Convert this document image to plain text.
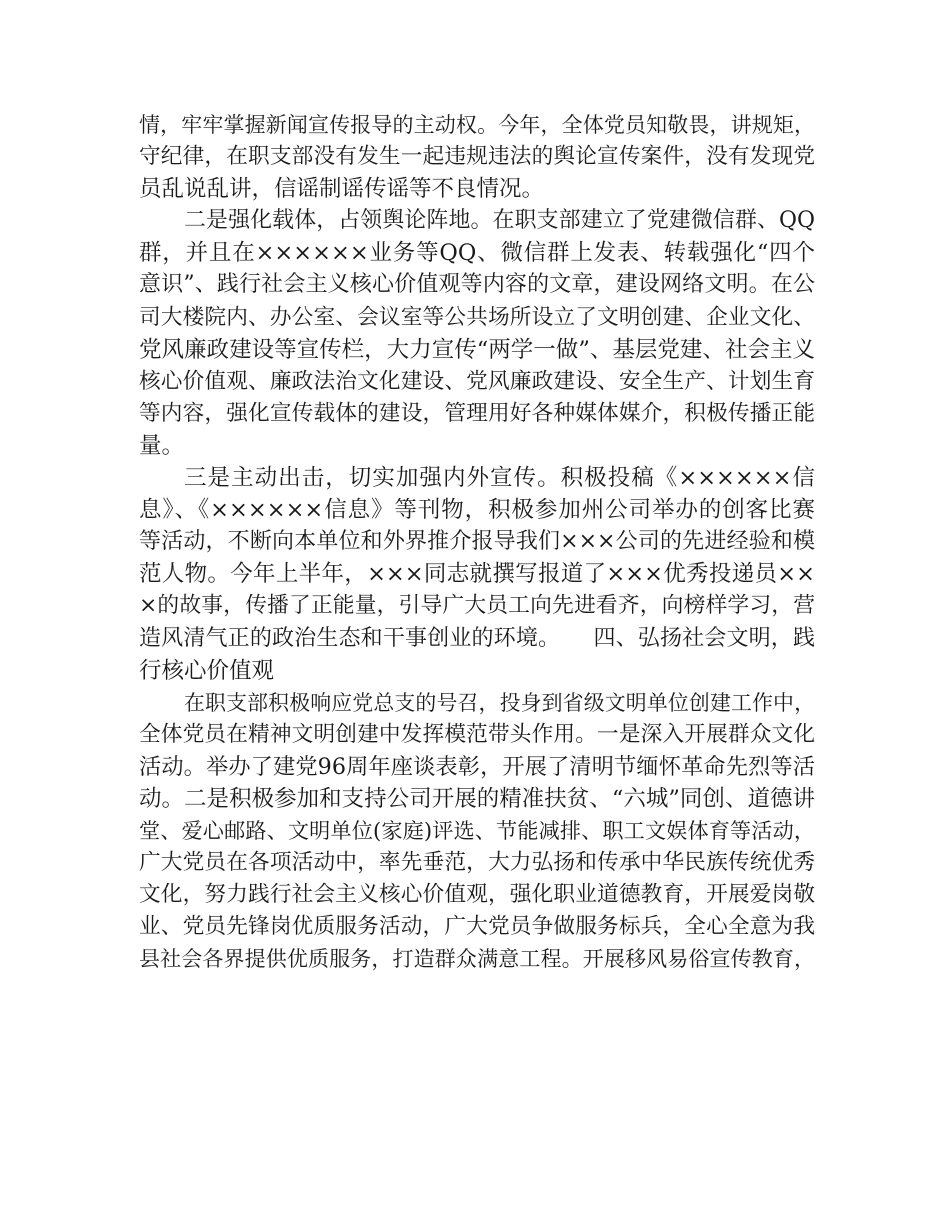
情，牢牢掌握新闻宣传报导的主动权。今年，全体党员知敬畏，讲规矩，
守纪律，在职支部没有发生一起违规违法的舆论宣传案件，没有发现党
员乱说乱讲，信谣制谣传谣等不良情况。
二是强化载体，占领舆论阵地。在职支部建立了党建微信群、QQ
群，并且在××××××业务等QQ、微信群上发表、转载强化“四个
意识”、践行社会主义核心价值观等内容的文章，建设网络文明。在公
司大楼院内、办公室、会议室等公共场所设立了文明创建、企业文化、
党风廉政建设等宣传栏，大力宣传“两学一做”、基层党建、社会主义
核心价值观、廉政法治文化建设、党风廉政建设、安全生产、计划生育
等内容，强化宣传载体的建设，管理用好各种媒体媒介，积极传播正能
量。
三是主动出击，切实加强内外宣传。积极投稿《××××××信
息》、《××××××信息》等刊物，积极参加州公司举办的创客比赛
等活动，不断向本单位和外界推介报导我们×××公司的先进经验和模
范人物。今年上半年，×××同志就撰写报道了×××优秀投递员××
×的故事，传播了正能量，引导广大员工向先进看齐，向榜样学习，营
造风清气正的政治生态和干事创业的环境。　　四、弘扬社会文明，践
行核心价值观
在职支部积极响应党总支的号召，投身到省级文明单位创建工作中，
全体党员在精神文明创建中发挥模范带头作用。一是深入开展群众文化
活动。举办了建党96周年座谈表彰，开展了清明节缅怀革命先烈等活
动。二是积极参加和支持公司开展的精准扶贫、“六城”同创、道德讲
堂、爱心邮路、文明单位(家庭)评选、节能减排、职工文娱体育等活动，
广大党员在各项活动中，率先垂范，大力弘扬和传承中华民族传统优秀
文化，努力践行社会主义核心价值观，强化职业道德教育，开展爱岗敬
业、党员先锋岗优质服务活动，广大党员争做服务标兵，全心全意为我
县社会各界提供优质服务，打造群众满意工程。开展移风易俗宣传教育，
